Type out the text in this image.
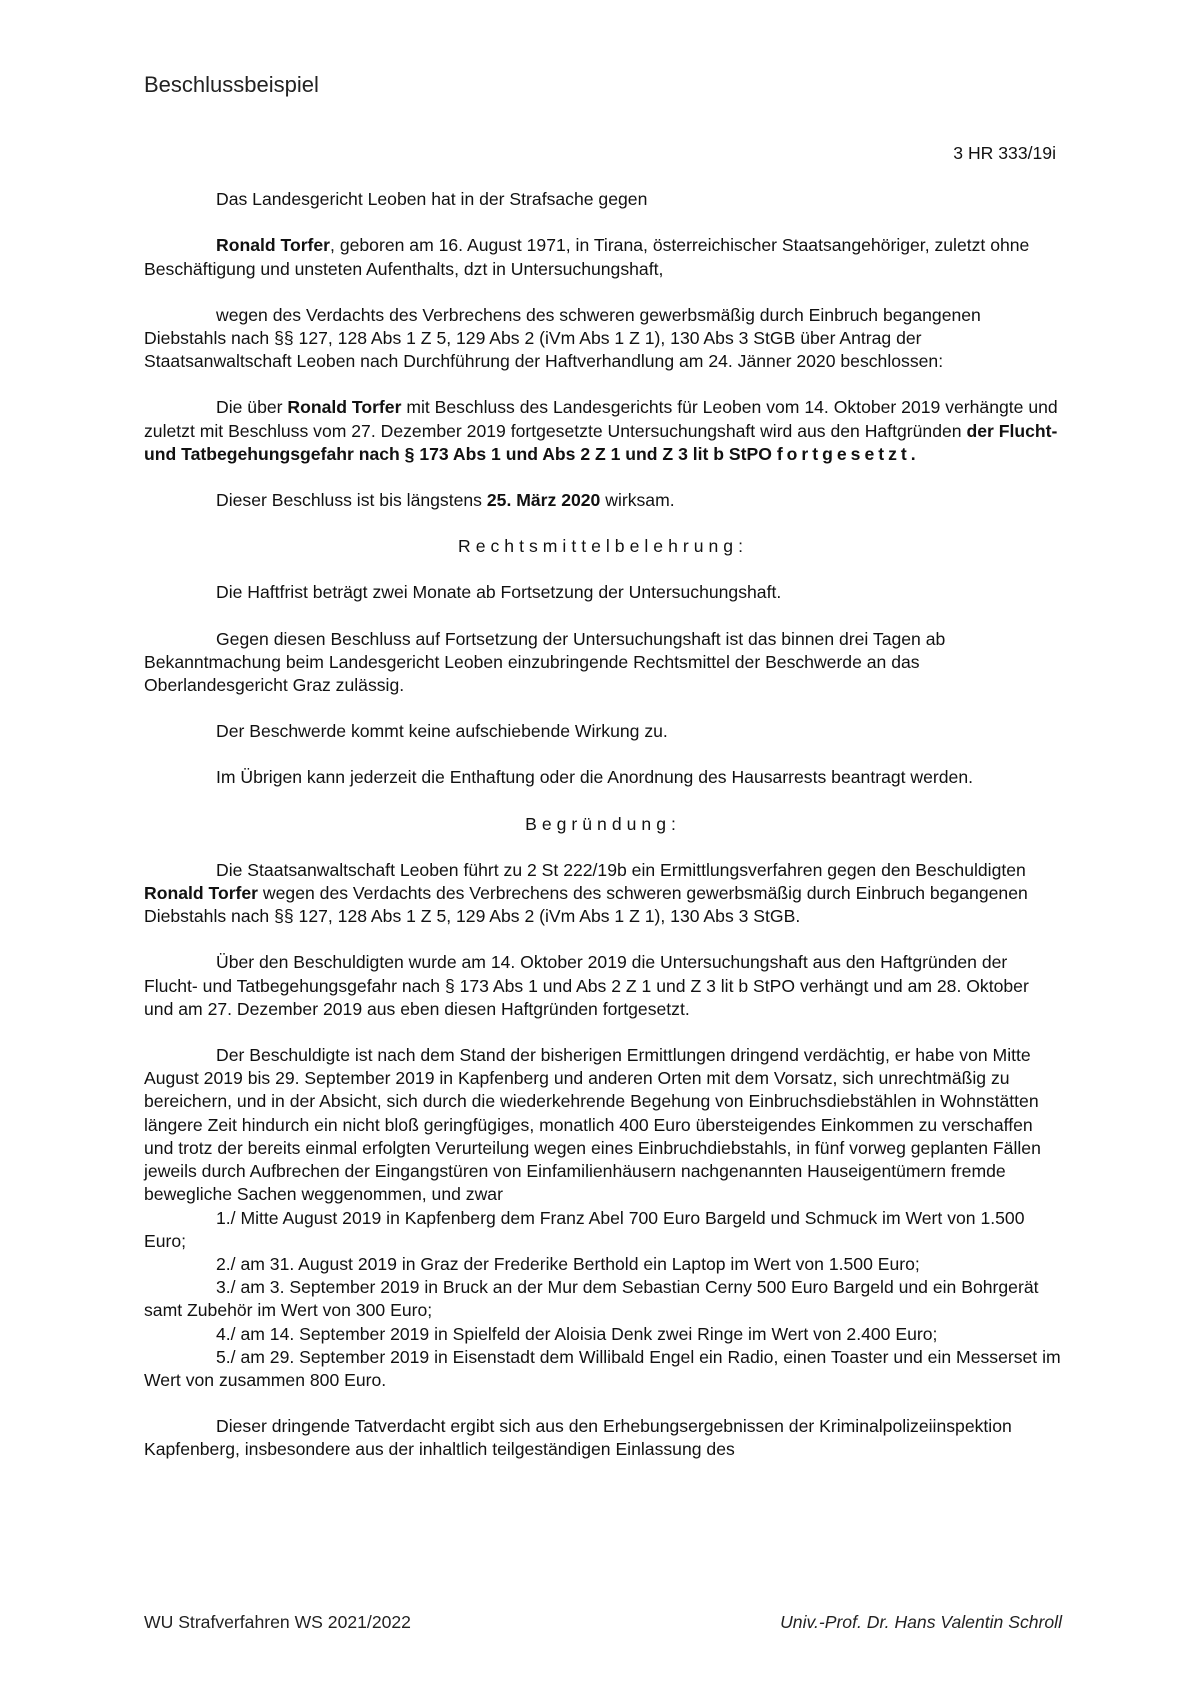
Beschlussbeispiel

3 HR 333/19i

Das Landesgericht Leoben hat in der Strafsache gegen

Ronald Torfer, geboren am 16. August 1971, in Tirana, österreichischer Staatsangehöriger, zuletzt ohne Beschäftigung und unsteten Aufenthalts, dzt in Untersuchungshaft,

wegen des Verdachts des Verbrechens des schweren gewerbsmäßig durch Einbruch begangenen Diebstahls nach §§ 127, 128 Abs 1 Z 5, 129 Abs 2 (iVm Abs 1 Z 1), 130 Abs 3 StGB über Antrag der Staatsanwaltschaft Leoben nach Durchführung der Haftverhandlung am 24. Jänner 2020 beschlossen:

Die über Ronald Torfer mit Beschluss des Landesgerichts für Leoben vom 14. Oktober 2019 verhängte und zuletzt mit Beschluss vom 27. Dezember 2019 fortgesetzte Untersuchungshaft wird aus den Haftgründen der Flucht- und Tatbegehungsgefahr nach § 173 Abs 1 und Abs 2 Z 1 und Z 3 lit b StPO fortgesetzt.

Dieser Beschluss ist bis längstens 25. März 2020 wirksam.

Rechtsmittelbelehrung:

Die Haftfrist beträgt zwei Monate ab Fortsetzung der Untersuchungshaft.

Gegen diesen Beschluss auf Fortsetzung der Untersuchungshaft ist das binnen drei Tagen ab Bekanntmachung beim Landesgericht Leoben einzubringende Rechtsmittel der Beschwerde an das Oberlandesgericht Graz zulässig.

Der Beschwerde kommt keine aufschiebende Wirkung zu.

Im Übrigen kann jederzeit die Enthaftung oder die Anordnung des Hausarrests beantragt werden.

Begründung:

Die Staatsanwaltschaft Leoben führt zu 2 St 222/19b ein Ermittlungsverfahren gegen den Beschuldigten Ronald Torfer wegen des Verdachts des Verbrechens des schweren gewerbsmäßig durch Einbruch begangenen Diebstahls nach §§ 127, 128 Abs 1 Z 5, 129 Abs 2 (iVm Abs 1 Z 1), 130 Abs 3 StGB.

Über den Beschuldigten wurde am 14. Oktober 2019 die Untersuchungshaft aus den Haftgründen der Flucht- und Tatbegehungsgefahr nach § 173 Abs 1 und Abs 2 Z 1 und Z 3 lit b StPO verhängt und am 28. Oktober und am 27. Dezember 2019 aus eben diesen Haftgründen fortgesetzt.

Der Beschuldigte ist nach dem Stand der bisherigen Ermittlungen dringend verdächtig, er habe von Mitte August 2019 bis 29. September 2019 in Kapfenberg und anderen Orten mit dem Vorsatz, sich unrechtmäßig zu bereichern, und in der Absicht, sich durch die wiederkehrende Begehung von Einbruchsdiebstählen in Wohnstätten längere Zeit hindurch ein nicht bloß geringfügiges, monatlich 400 Euro übersteigendes Einkommen zu verschaffen und trotz der bereits einmal erfolgten Verurteilung wegen eines Einbruchdiebstahls, in fünf vorweg geplanten Fällen jeweils durch Aufbrechen der Eingangstüren von Einfamilienhäusern nachgenannten Hauseigentümern fremde bewegliche Sachen weggenommen, und zwar

1./ Mitte August 2019 in Kapfenberg dem Franz Abel 700 Euro Bargeld und Schmuck im Wert von 1.500 Euro;

2./ am 31. August 2019 in Graz der Frederike Berthold ein Laptop im Wert von 1.500 Euro;

3./ am 3. September 2019 in Bruck an der Mur dem Sebastian Cerny 500 Euro Bargeld und ein Bohrgerät samt Zubehör im Wert von 300 Euro;

4./ am 14. September 2019 in Spielfeld der Aloisia Denk zwei Ringe im Wert von 2.400 Euro;

5./ am 29. September 2019 in Eisenstadt dem Willibald Engel ein Radio, einen Toaster und ein Messerset im Wert von zusammen 800 Euro.

Dieser dringende Tatverdacht ergibt sich aus den Erhebungsergebnissen der Kriminalpolizeiinspektion Kapfenberg, insbesondere aus der inhaltlich teilgeständigen Einlassung des

WU Strafverfahren WS 2021/2022	Univ.-Prof. Dr. Hans Valentin Schroll
